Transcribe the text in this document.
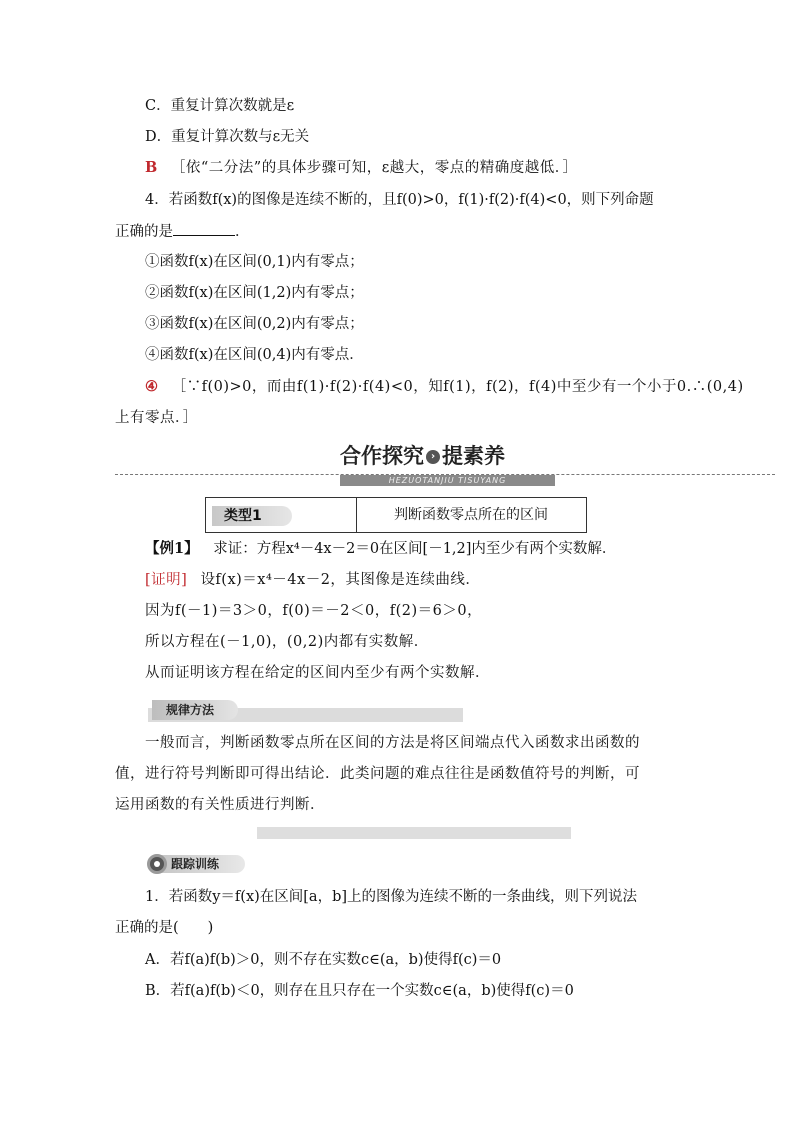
C．重复计算次数就是ε
D．重复计算次数与ε无关
B ［依“二分法”的具体步骤可知，ε越大，零点的精确度越低．］
4．若函数f(x)的图像是连续不断的，且f(0)>0，f(1)·f(2)·f(4)<0，则下列命题
正确的是	．
①函数f(x)在区间(0,1)内有零点；
②函数f(x)在区间(1,2)内有零点；
③函数f(x)在区间(0,2)内有零点；
④函数f(x)在区间(0,4)内有零点．
④ ［∵f(0)>0，而由f(1)·f(2)·f(4)<0，知f(1)，f(2)，f(4)中至少有一个小于0.∴(0,4)
上有零点．］
合作探究 › 提素养
HEZUOTANJIU TISUYANG
类型1	判断函数零点所在的区间
【例1】 求证：方程x⁴－4x－2＝0在区间[－1,2]内至少有两个实数解．
[证明] 设f(x)＝x⁴－4x－2，其图像是连续曲线．
因为f(－1)＝3＞0，f(0)＝－2＜0，f(2)＝6＞0，
所以方程在(－1,0)，(0,2)内都有实数解．
从而证明该方程在给定的区间内至少有两个实数解．
规律方法
一般而言，判断函数零点所在区间的方法是将区间端点代入函数求出函数的
值，进行符号判断即可得出结论．此类问题的难点往往是函数值符号的判断，可
运用函数的有关性质进行判断．
跟踪训练
1．若函数y＝f(x)在区间[a，b]上的图像为连续不断的一条曲线，则下列说法
正确的是(　　)
A．若f(a)f(b)＞0，则不存在实数c∈(a，b)使得f(c)＝0
B．若f(a)f(b)＜0，则存在且只存在一个实数c∈(a，b)使得f(c)＝0
